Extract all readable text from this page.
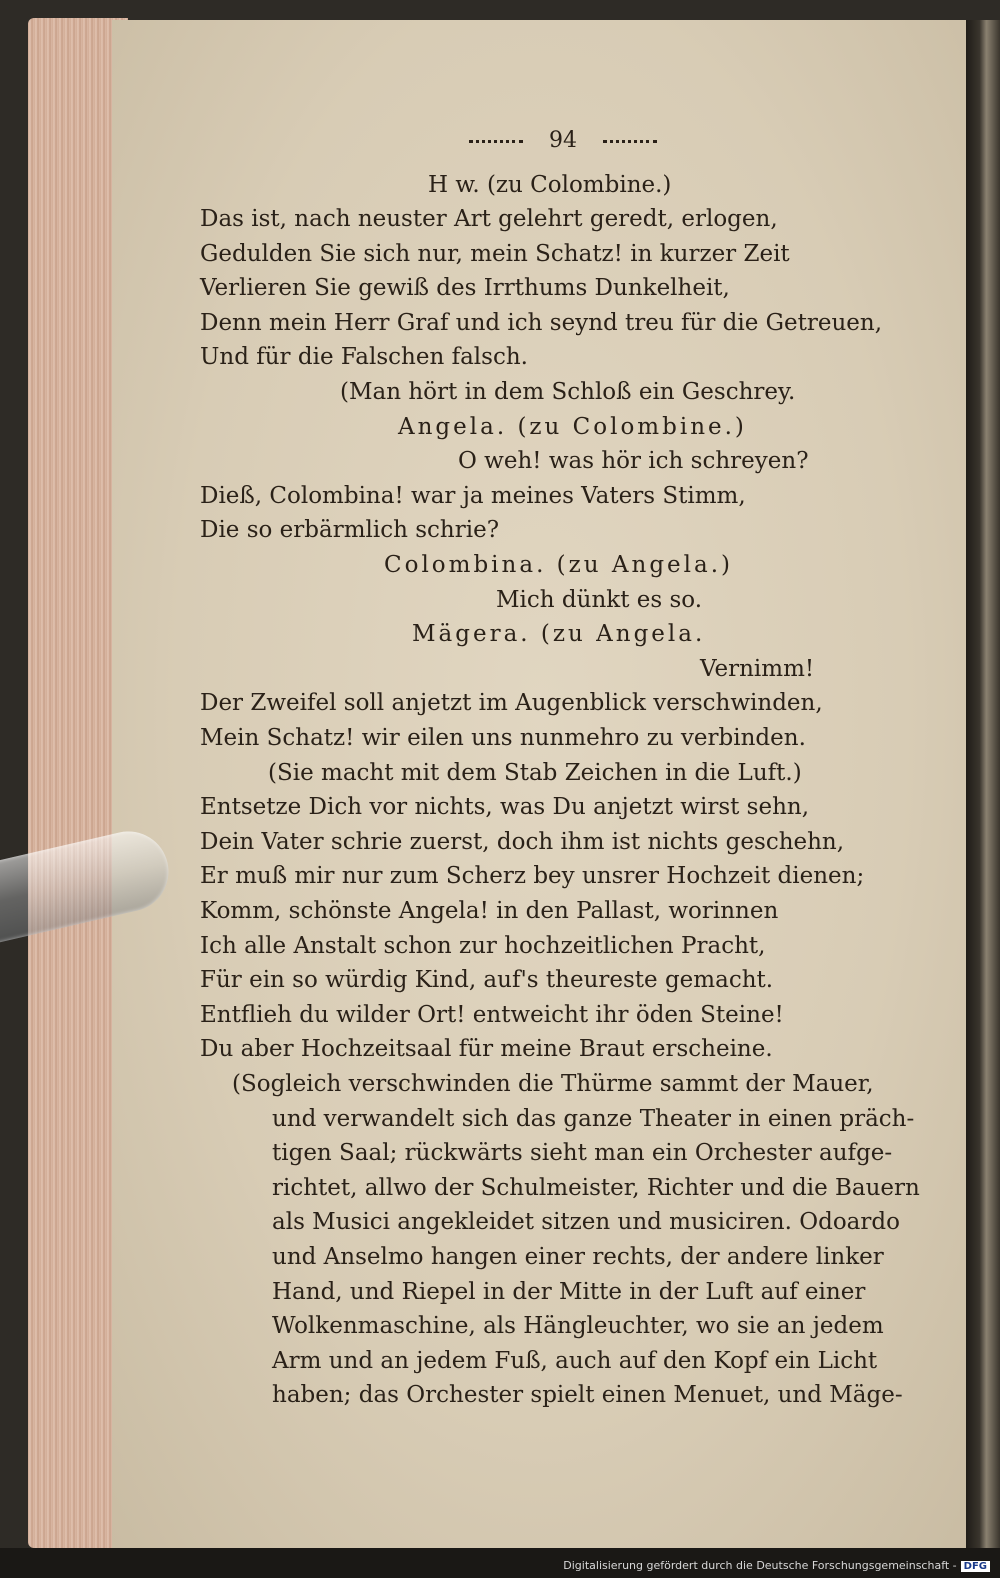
94
H w. (zu Colombine.)
Das ist, nach neuster Art gelehrt geredt, erlogen,
Gedulden Sie sich nur, mein Schatz! in kurzer Zeit
Verlieren Sie gewiß des Irrthums Dunkelheit,
Denn mein Herr Graf und ich seynd treu für die Getreuen,
Und für die Falschen falsch.
(Man hört in dem Schloß ein Geschrey.
Angela. (zu Colombine.)
O weh! was hör ich schreyen?
Dieß, Colombina! war ja meines Vaters Stimm,
Die so erbärmlich schrie?
Colombina. (zu Angela.)
Mich dünkt es so.
Mägera. (zu Angela.
Vernimm!
Der Zweifel soll anjetzt im Augenblick verschwinden,
Mein Schatz! wir eilen uns nunmehro zu verbinden.
(Sie macht mit dem Stab Zeichen in die Luft.)
Entsetze Dich vor nichts, was Du anjetzt wirst sehn,
Dein Vater schrie zuerst, doch ihm ist nichts geschehn,
Er muß mir nur zum Scherz bey unsrer Hochzeit dienen;
Komm, schönste Angela! in den Pallast, worinnen
Ich alle Anstalt schon zur hochzeitlichen Pracht,
Für ein so würdig Kind, auf's theureste gemacht.
Entflieh du wilder Ort! entweicht ihr öden Steine!
Du aber Hochzeitsaal für meine Braut erscheine.
(Sogleich verschwinden die Thürme sammt der Mauer,
und verwandelt sich das ganze Theater in einen präch-
tigen Saal; rückwärts sieht man ein Orchester aufge-
richtet, allwo der Schulmeister, Richter und die Bauern
als Musici angekleidet sitzen und musiciren. Odoardo
und Anselmo hangen einer rechts, der andere linker
Hand, und Riepel in der Mitte in der Luft auf einer
Wolkenmaschine, als Hängleuchter, wo sie an jedem
Arm und an jedem Fuß, auch auf den Kopf ein Licht
haben; das Orchester spielt einen Menuet, und Mäge-
Digitalisierung gefördert durch die Deutsche Forschungsgemeinschaft - DFG
